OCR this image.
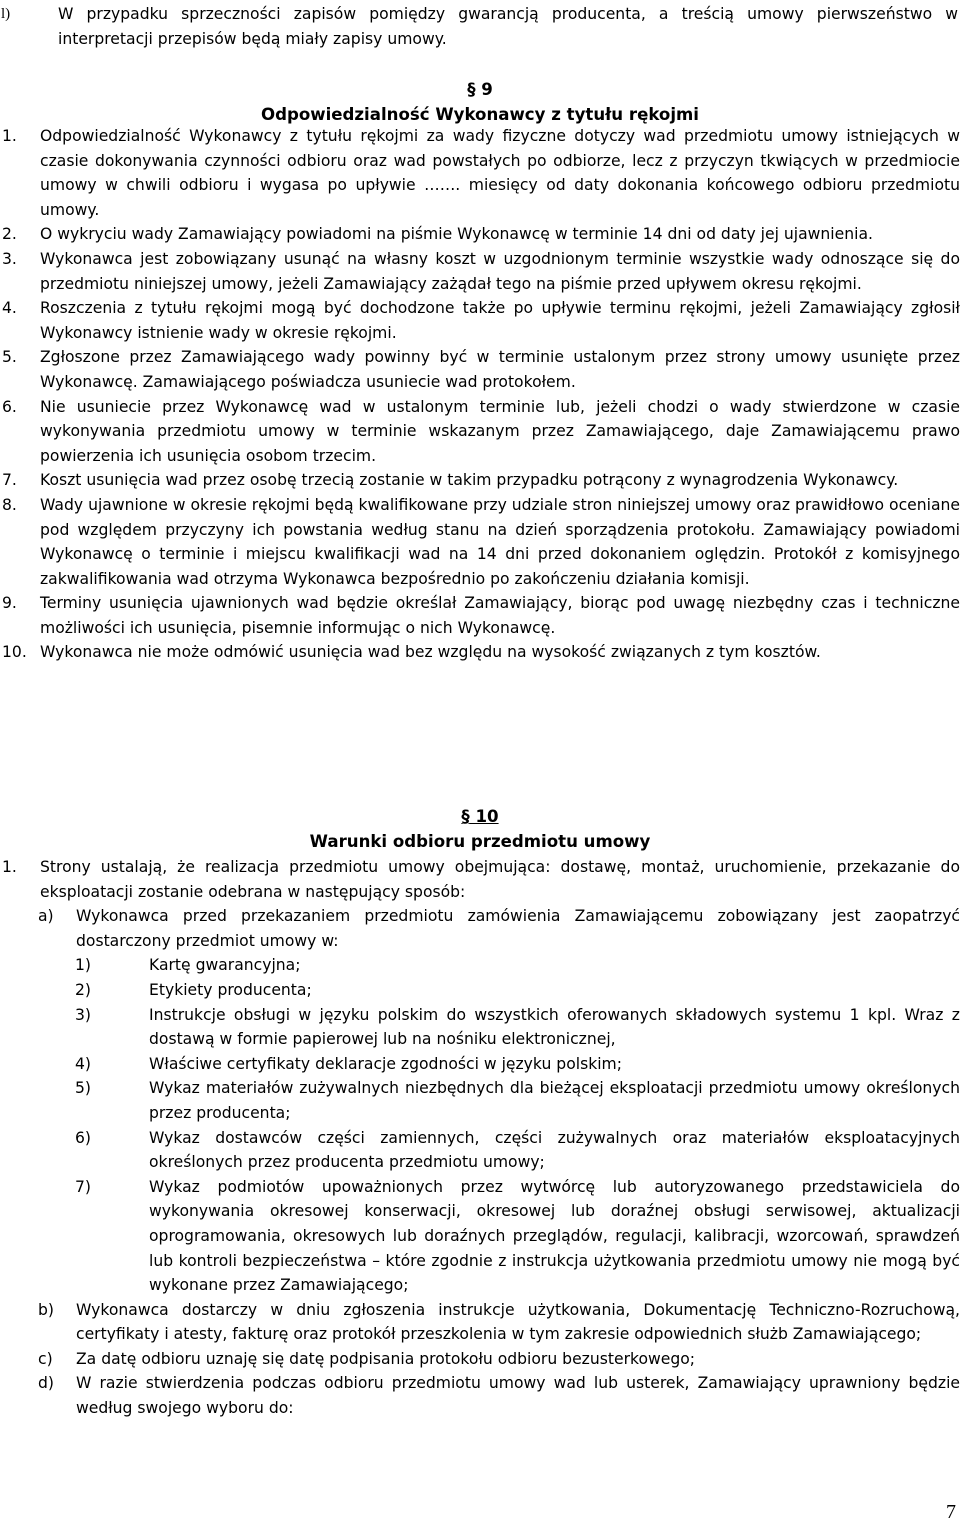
l)	W przypadku sprzeczności zapisów pomiędzy gwarancją producenta, a treścią umowy pierwszeństwo w interpretacji przepisów będą miały zapisy umowy.
§ 9
Odpowiedzialność Wykonawcy z tytułu rękojmi
1.	Odpowiedzialność Wykonawcy z tytułu rękojmi za wady fizyczne dotyczy wad przedmiotu umowy istniejących w czasie dokonywania czynności odbioru oraz wad powstałych po odbiorze, lecz z przyczyn tkwiących w przedmiocie umowy w chwili odbioru i wygasa po upływie ……. miesięcy od daty dokonania końcowego odbioru przedmiotu umowy.
2.	O wykryciu wady Zamawiający powiadomi na piśmie Wykonawcę w terminie 14 dni od daty jej ujawnienia.
3.	Wykonawca jest zobowiązany usunąć na własny koszt w uzgodnionym terminie wszystkie wady odnoszące się do przedmiotu niniejszej umowy, jeżeli Zamawiający zażądał tego na piśmie przed upływem okresu rękojmi.
4.	Roszczenia z tytułu rękojmi mogą być dochodzone także po upływie terminu rękojmi, jeżeli Zamawiający zgłosił Wykonawcy istnienie wady w okresie rękojmi.
5.	Zgłoszone przez Zamawiającego wady powinny być w terminie ustalonym przez strony umowy usunięte przez Wykonawcę. Zamawiającego poświadcza usuniecie wad protokołem.
6.	Nie usuniecie przez Wykonawcę wad w ustalonym terminie lub, jeżeli chodzi o wady stwierdzone w czasie wykonywania przedmiotu umowy w terminie wskazanym przez Zamawiającego, daje Zamawiającemu prawo powierzenia ich usunięcia osobom trzecim.
7.	Koszt usunięcia wad przez osobę trzecią zostanie w takim przypadku potrącony z wynagrodzenia Wykonawcy.
8.	Wady ujawnione w okresie rękojmi będą kwalifikowane przy udziale stron niniejszej umowy oraz prawidłowo oceniane pod względem przyczyny ich powstania według stanu na dzień sporządzenia protokołu. Zamawiający powiadomi Wykonawcę o terminie i miejscu kwalifikacji wad na 14 dni przed dokonaniem oględzin. Protokół z komisyjnego zakwalifikowania wad otrzyma Wykonawca bezpośrednio po zakończeniu działania komisji.
9.	Terminy usunięcia ujawnionych wad będzie określał Zamawiający, biorąc pod uwagę niezbędny czas i techniczne możliwości ich usunięcia, pisemnie informując o nich Wykonawcę.
10. Wykonawca nie może odmówić usunięcia wad bez względu na wysokość związanych z tym kosztów.
§ 10
Warunki odbioru przedmiotu umowy
1.	Strony ustalają, że realizacja przedmiotu umowy obejmująca: dostawę, montaż, uruchomienie, przekazanie do eksploatacji zostanie odebrana w następujący sposób:
a)	Wykonawca przed przekazaniem przedmiotu zamówienia Zamawiającemu zobowiązany jest zaopatrzyć dostarczony przedmiot umowy w:
1)	Kartę gwarancyjna;
2)	Etykiety producenta;
3)	Instrukcje obsługi w języku polskim do wszystkich oferowanych składowych systemu 1 kpl. Wraz z dostawą w formie papierowej lub na nośniku elektronicznej,
4)	Właściwe certyfikaty deklaracje zgodności w języku polskim;
5)	Wykaz materiałów zużywalnych niezbędnych dla bieżącej eksploatacji przedmiotu umowy określonych przez producenta;
6)	Wykaz dostawców części zamiennych, części zużywalnych oraz materiałów eksploatacyjnych określonych przez producenta przedmiotu umowy;
7)	Wykaz podmiotów upoważnionych przez wytwórcę lub autoryzowanego przedstawiciela do wykonywania okresowej konserwacji, okresowej lub doraźnej obsługi serwisowej, aktualizacji oprogramowania, okresowych lub doraźnych przeglądów, regulacji, kalibracji, wzorcowań, sprawdzeń lub kontroli bezpieczeństwa – które zgodnie z instrukcja użytkowania przedmiotu umowy nie mogą być wykonane przez Zamawiającego;
b)	Wykonawca dostarczy w dniu zgłoszenia instrukcje użytkowania, Dokumentację Techniczno-Rozruchową, certyfikaty i atesty, fakturę oraz protokół przeszkolenia w tym zakresie odpowiednich służb Zamawiającego;
c)	Za datę odbioru uznaję się datę podpisania protokołu odbioru bezusterkowego;
d)	W razie stwierdzenia podczas odbioru przedmiotu umowy wad lub usterek, Zamawiający uprawniony będzie według swojego wyboru do:
7
